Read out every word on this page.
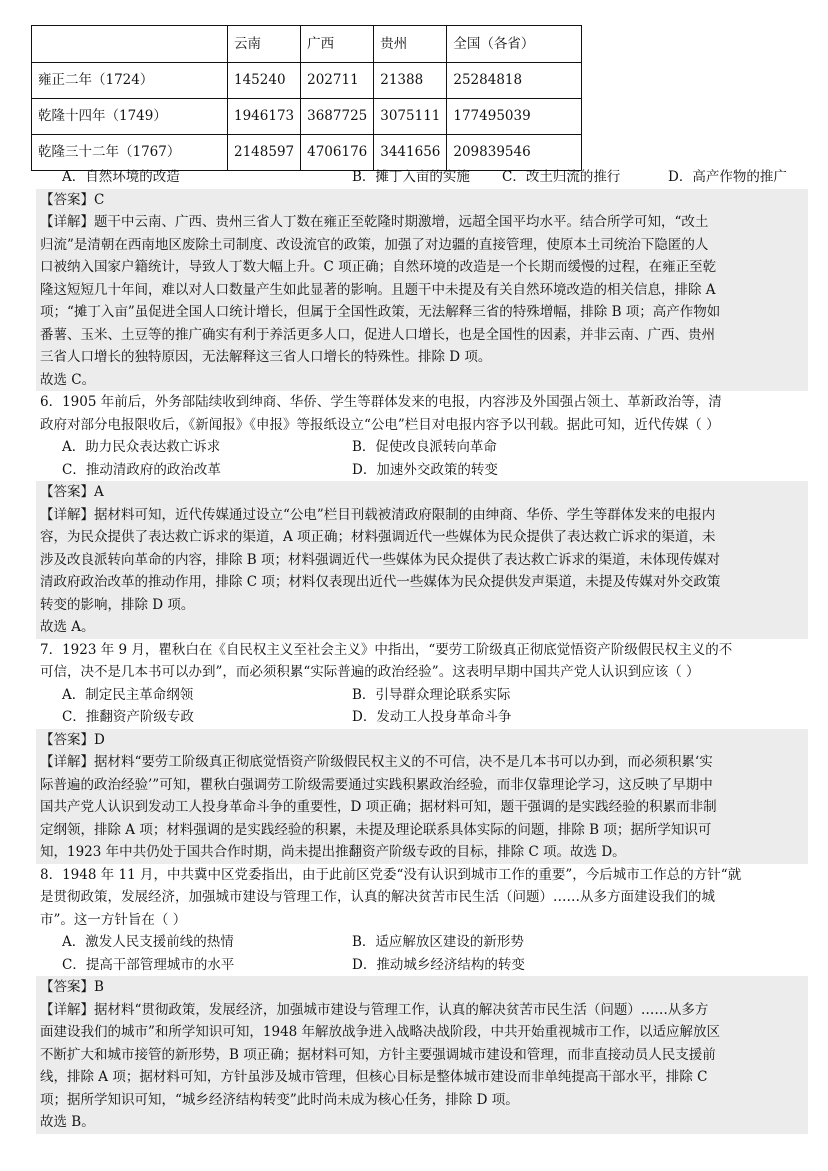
	云南	广西	贵州	全国（各省）
雍正二年（1724）	145240	202711	21388	25284818
乾隆十四年（1749）	1946173	3687725	3075111	177495039
乾隆三十二年（1767）	2148597	4706176	3441656	209839546
A．自然环境的改造	B．摊丁入亩的实施	C．改土归流的推行	D．高产作物的推广
【答案】C
【详解】题干中云南、广西、贵州三省人丁数在雍正至乾隆时期激增，远超全国平均水平。结合所学可知，“改土
归流”是清朝在西南地区废除土司制度、改设流官的政策，加强了对边疆的直接管理，使原本土司统治下隐匿的人
口被纳入国家户籍统计，导致人丁数大幅上升。C 项正确；自然环境的改造是一个长期而缓慢的过程，在雍正至乾
隆这短短几十年间，难以对人口数量产生如此显著的影响。且题干中未提及有关自然环境改造的相关信息，排除 A
项；“摊丁入亩”虽促进全国人口统计增长，但属于全国性政策，无法解释三省的特殊增幅，排除 B 项；高产作物如
番薯、玉米、土豆等的推广确实有利于养活更多人口，促进人口增长，也是全国性的因素，并非云南、广西、贵州
三省人口增长的独特原因，无法解释这三省人口增长的特殊性。排除 D 项。
故选 C。
6．1905 年前后，外务部陆续收到绅商、华侨、学生等群体发来的电报，内容涉及外国强占领土、革新政治等，清
政府对部分电报限收后，《新闻报》《申报》等报纸设立“公电”栏目对电报内容予以刊载。据此可知，近代传媒（ ）
A．助力民众表达救亡诉求	B．促使改良派转向革命
C．推动清政府的政治改革	D．加速外交政策的转变
【答案】A
【详解】据材料可知，近代传媒通过设立“公电”栏目刊载被清政府限制的由绅商、华侨、学生等群体发来的电报内
容，为民众提供了表达救亡诉求的渠道，A 项正确；材料强调近代一些媒体为民众提供了表达救亡诉求的渠道，未
涉及改良派转向革命的内容，排除 B 项；材料强调近代一些媒体为民众提供了表达救亡诉求的渠道，未体现传媒对
清政府政治改革的推动作用，排除 C 项；材料仅表现出近代一些媒体为民众提供发声渠道，未提及传媒对外交政策
转变的影响，排除 D 项。
故选 A。
7．1923 年 9 月，瞿秋白在《自民权主义至社会主义》中指出，“要劳工阶级真正彻底觉悟资产阶级假民权主义的不
可信，决不是几本书可以办到”，而必须积累“实际普遍的政治经验”。这表明早期中国共产党人认识到应该（ ）
A．制定民主革命纲领	B．引导群众理论联系实际
C．推翻资产阶级专政	D．发动工人投身革命斗争
【答案】D
【详解】据材料“要劳工阶级真正彻底觉悟资产阶级假民权主义的不可信，决不是几本书可以办到，而必须积累‘实
际普遍的政治经验’”可知，瞿秋白强调劳工阶级需要通过实践积累政治经验，而非仅靠理论学习，这反映了早期中
国共产党人认识到发动工人投身革命斗争的重要性，D 项正确；据材料可知，题干强调的是实践经验的积累而非制
定纲领，排除 A 项；材料强调的是实践经验的积累，未提及理论联系具体实际的问题，排除 B 项；据所学知识可
知，1923 年中共仍处于国共合作时期，尚未提出推翻资产阶级专政的目标，排除 C 项。故选 D。
8．1948 年 11 月，中共冀中区党委指出，由于此前区党委“没有认识到城市工作的重要”，今后城市工作总的方针“就
是贯彻政策，发展经济，加强城市建设与管理工作，认真的解决贫苦市民生活（问题）……从多方面建设我们的城
市”。这一方针旨在（ ）
A．激发人民支援前线的热情	B．适应解放区建设的新形势
C．提高干部管理城市的水平	D．推动城乡经济结构的转变
【答案】B
【详解】据材料“贯彻政策，发展经济，加强城市建设与管理工作，认真的解决贫苦市民生活（问题）……从多方
面建设我们的城市”和所学知识可知，1948 年解放战争进入战略决战阶段，中共开始重视城市工作，以适应解放区
不断扩大和城市接管的新形势，B 项正确；据材料可知，方针主要强调城市建设和管理，而非直接动员人民支援前
线，排除 A 项；据材料可知，方针虽涉及城市管理，但核心目标是整体城市建设而非单纯提高干部水平，排除 C
项；据所学知识可知，“城乡经济结构转变”此时尚未成为核心任务，排除 D 项。
故选 B。
